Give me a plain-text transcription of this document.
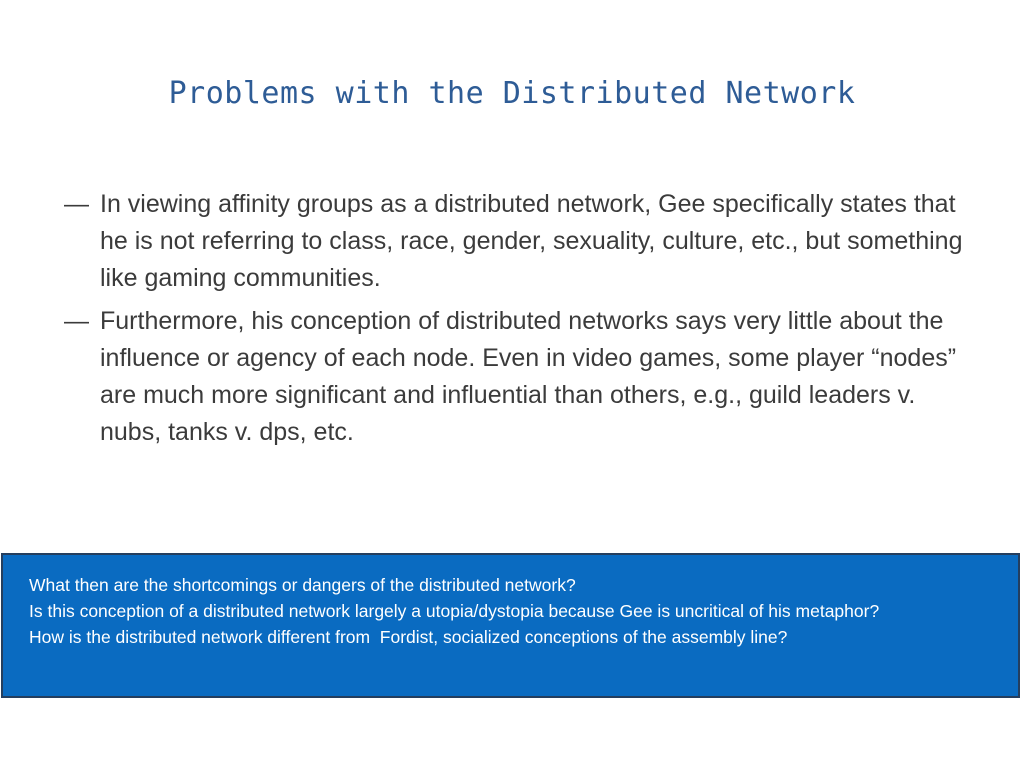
Problems with the Distributed Network
— In viewing affinity groups as a distributed network, Gee specifically states that he is not referring to class, race, gender, sexuality, culture, etc., but something like gaming communities.
— Furthermore, his conception of distributed networks says very little about the influence or agency of each node. Even in video games, some player “nodes” are much more significant and influential than others, e.g., guild leaders v. nubs, tanks v. dps, etc.
What then are the shortcomings or dangers of the distributed network?
Is this conception of a distributed network largely a utopia/dystopia because Gee is uncritical of his metaphor?
How is the distributed network different from  Fordist, socialized conceptions of the assembly line?
